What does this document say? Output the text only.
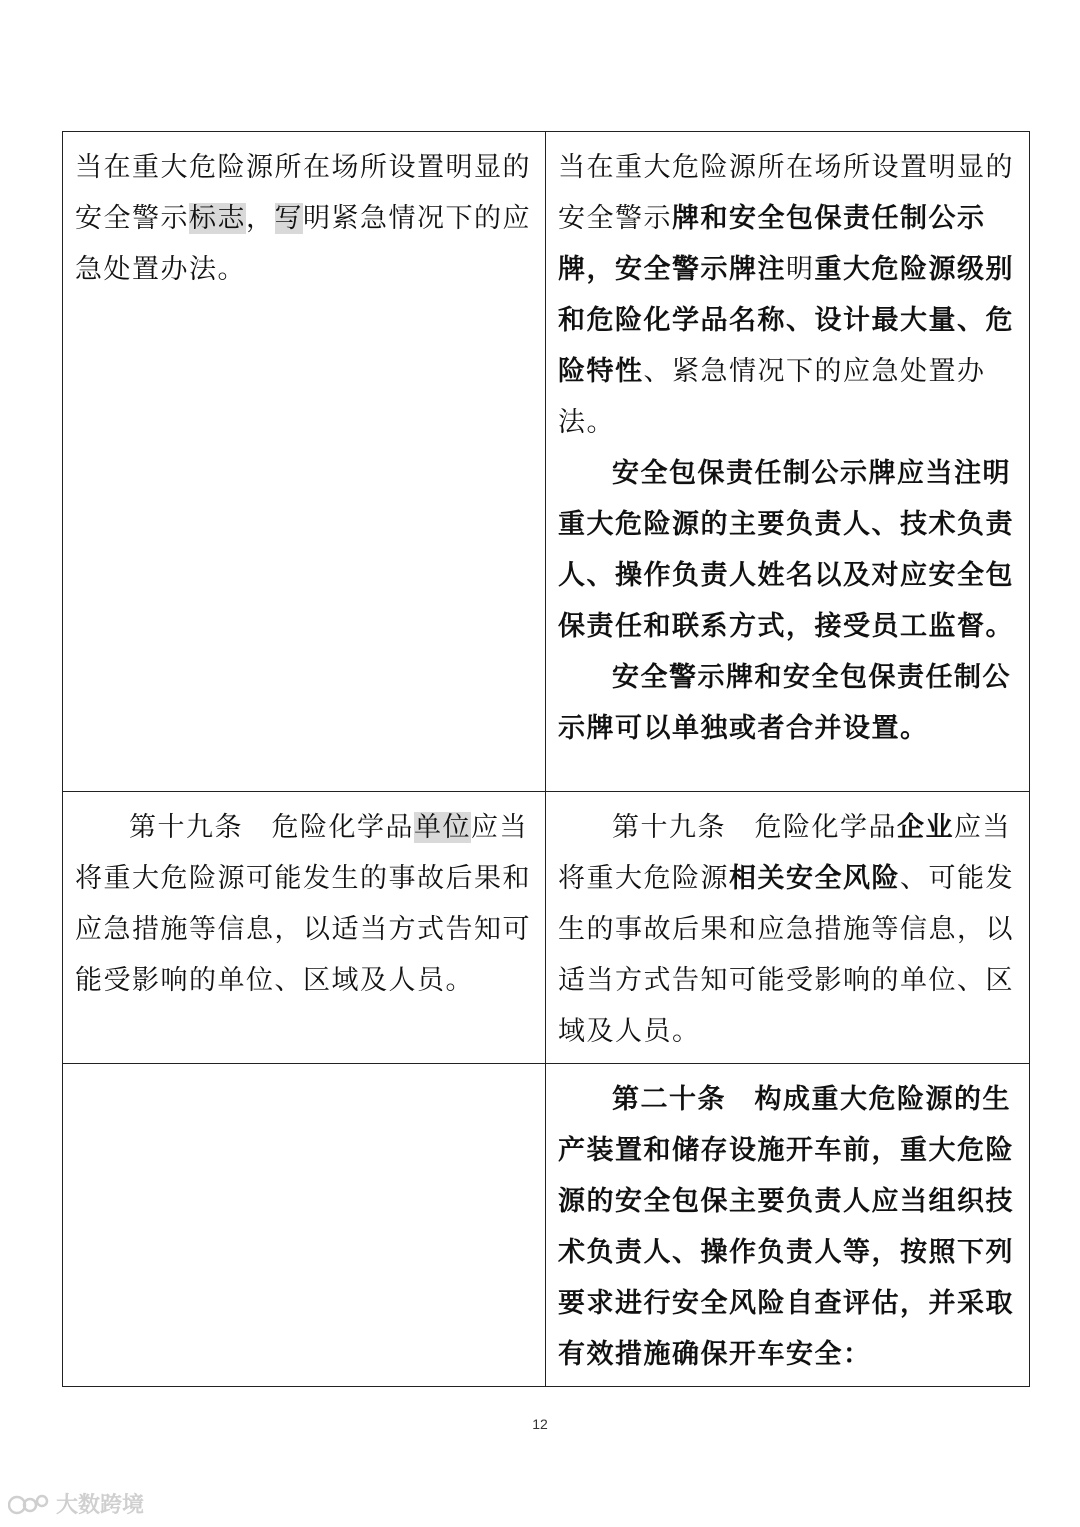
当在重大危险源所在场所设置明显的安全警示标志，写明紧急情况下的应急处置办法。	当在重大危险源所在场所设置明显的安全警示牌和安全包保责任制公示牌，安全警示牌注明重大危险源级别和危险化学品名称、设计最大量、危险特性、紧急情况下的应急处置办法。

安全包保责任制公示牌应当注明重大危险源的主要负责人、技术负责人、操作负责人姓名以及对应安全包保责任和联系方式，接受员工监督。

安全警示牌和安全包保责任制公示牌可以单独或者合并设置。

第十九条　危险化学品单位应当将重大危险源可能发生的事故后果和应急措施等信息，以适当方式告知可能受影响的单位、区域及人员。	第十九条　危险化学品企业应当将重大危险源相关安全风险、可能发生的事故后果和应急措施等信息，以适当方式告知可能受影响的单位、区域及人员。

	第二十条　构成重大危险源的生产装置和储存设施开车前，重大危险源的安全包保主要负责人应当组织技术负责人、操作负责人等，按照下列要求进行安全风险自查评估，并采取有效措施确保开车安全：

12
大数跨境
